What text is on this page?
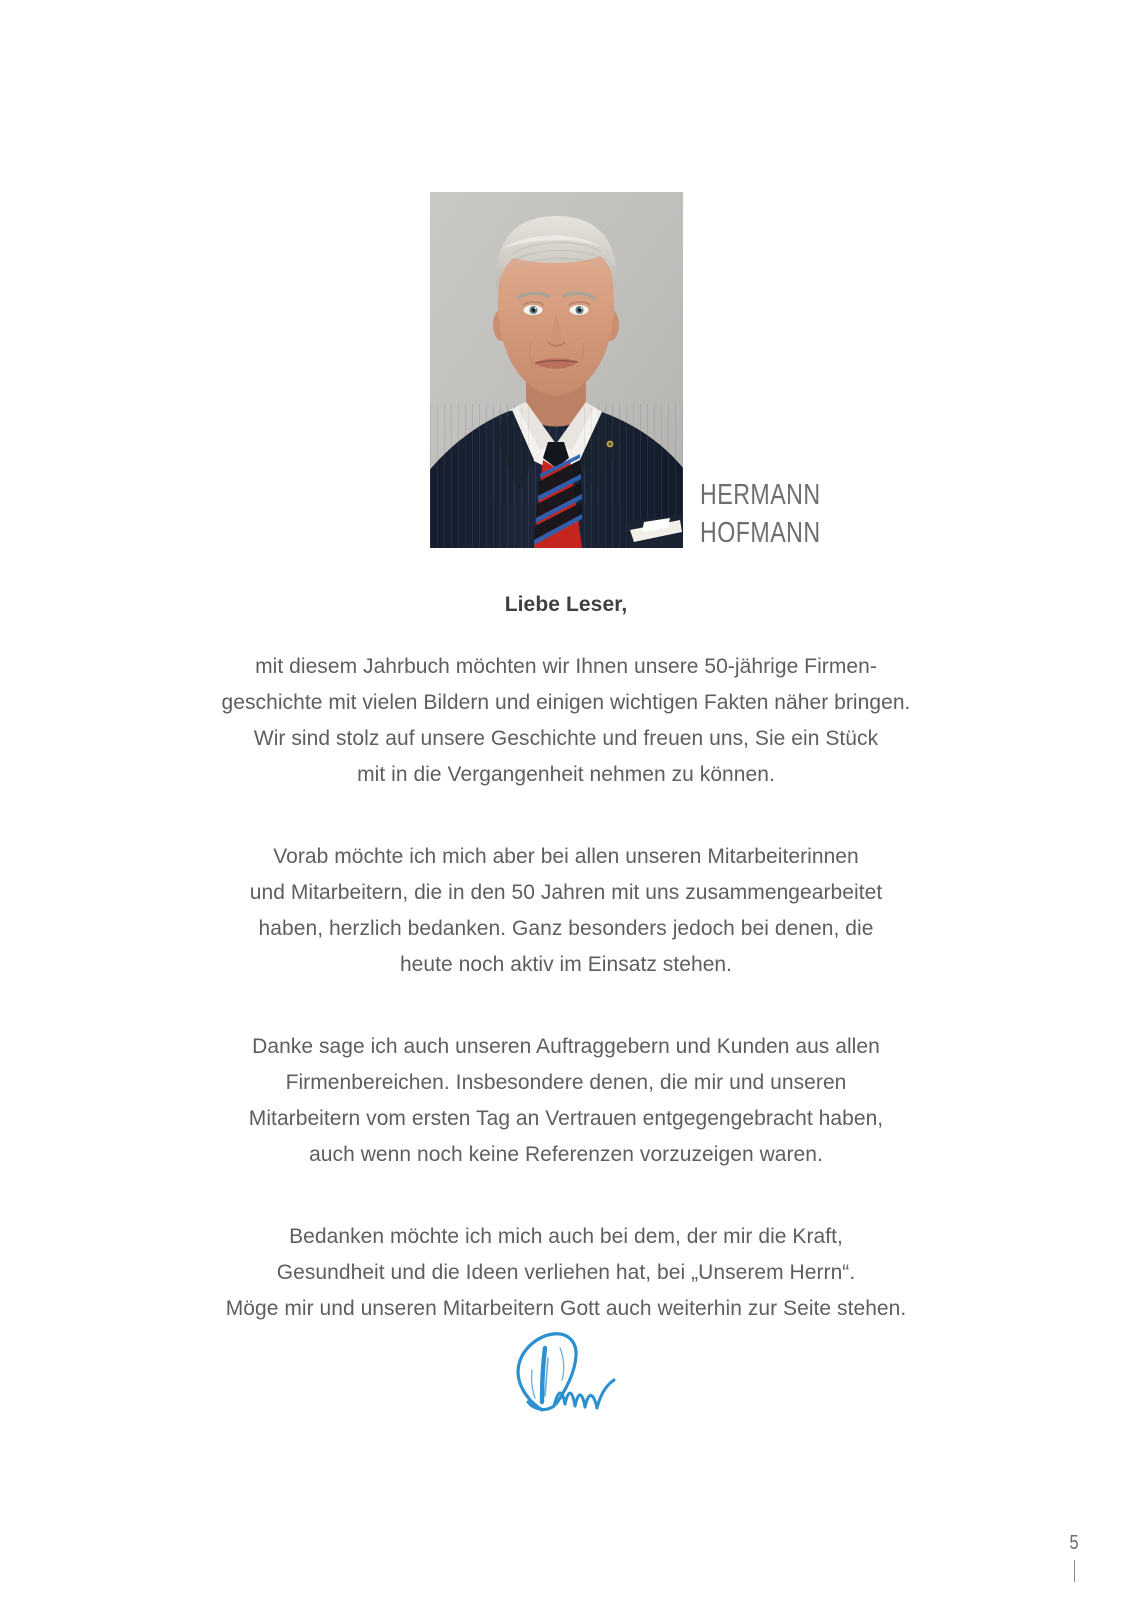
HERMANN
HOFMANN
Liebe Leser,

mit diesem Jahrbuch möchten wir Ihnen unsere 50-jährige Firmen-
geschichte mit vielen Bildern und einigen wichtigen Fakten näher bringen.
Wir sind stolz auf unsere Geschichte und freuen uns, Sie ein Stück
mit in die Vergangenheit nehmen zu können.

Vorab möchte ich mich aber bei allen unseren Mitarbeiterinnen
und Mitarbeitern, die in den 50 Jahren mit uns zusammengearbeitet
haben, herzlich bedanken. Ganz besonders jedoch bei denen, die
heute noch aktiv im Einsatz stehen.

Danke sage ich auch unseren Auftraggebern und Kunden aus allen
Firmenbereichen. Insbesondere denen, die mir und unseren
Mitarbeitern vom ersten Tag an Vertrauen entgegengebracht haben,
auch wenn noch keine Referenzen vorzuzeigen waren.

Bedanken möchte ich mich auch bei dem, der mir die Kraft,
Gesundheit und die Ideen verliehen hat, bei „Unserem Herrn“.
Möge mir und unseren Mitarbeitern Gott auch weiterhin zur Seite stehen.

5
